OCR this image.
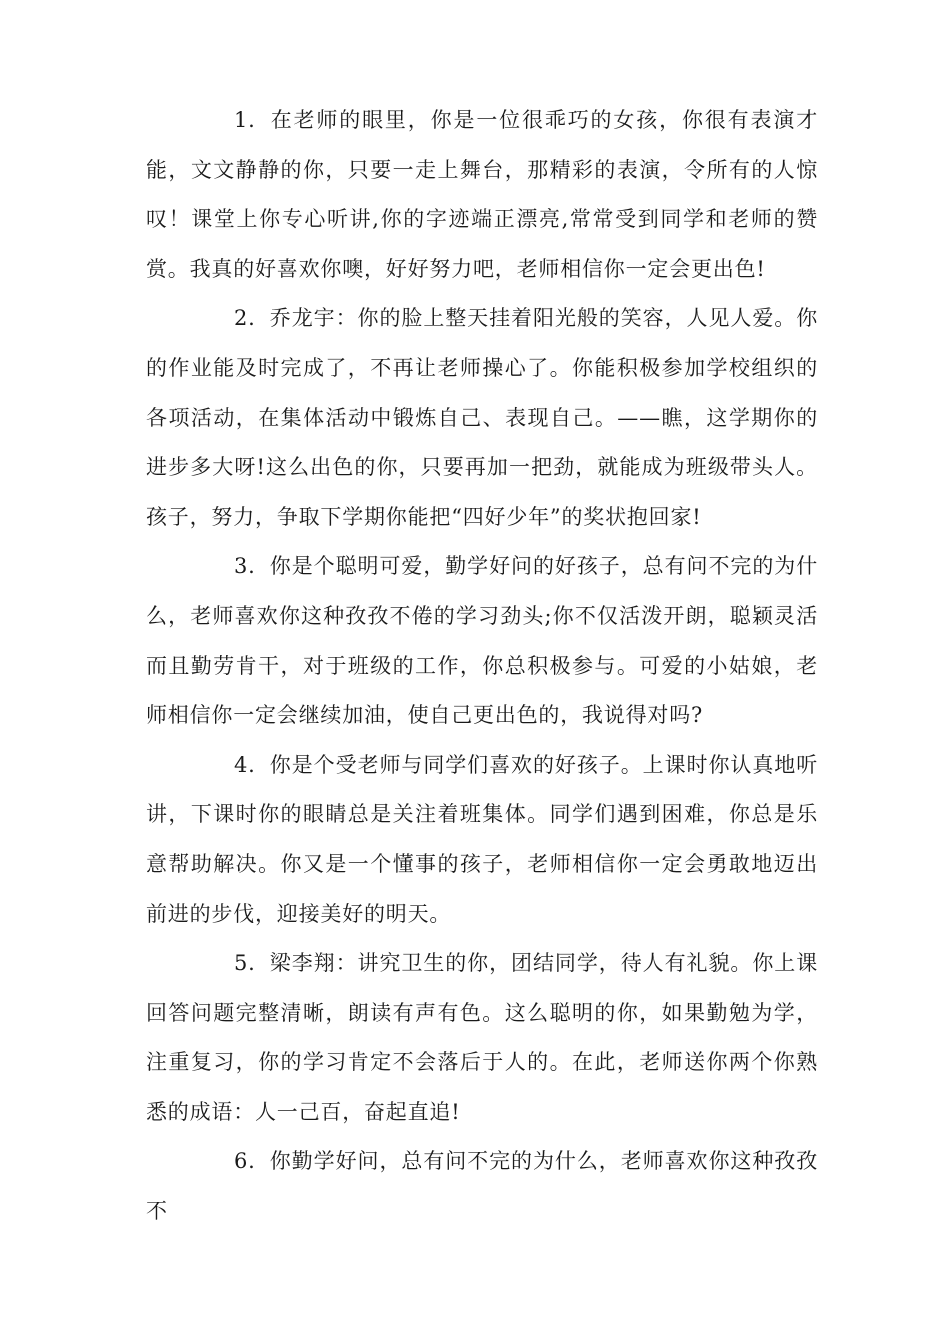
1. 在老师的眼里，你是一位很乖巧的女孩，你很有表演才能，文文静静的你，只要一走上舞台，那精彩的表演，令所有的人惊叹！课堂上你专心听讲,你的字迹端正漂亮,常常受到同学和老师的赞赏。我真的好喜欢你噢，好好努力吧，老师相信你一定会更出色!

2. 乔龙宇：你的脸上整天挂着阳光般的笑容，人见人爱。你的作业能及时完成了，不再让老师操心了。你能积极参加学校组织的各项活动，在集体活动中锻炼自己、表现自己。——瞧，这学期你的进步多大呀!这么出色的你，只要再加一把劲，就能成为班级带头人。孩子，努力，争取下学期你能把“四好少年”的奖状抱回家!

3. 你是个聪明可爱，勤学好问的好孩子，总有问不完的为什么，老师喜欢你这种孜孜不倦的学习劲头;你不仅活泼开朗，聪颖灵活而且勤劳肯干，对于班级的工作，你总积极参与。可爱的小姑娘，老师相信你一定会继续加油，使自己更出色的，我说得对吗?

4. 你是个受老师与同学们喜欢的好孩子。上课时你认真地听讲，下课时你的眼睛总是关注着班集体。同学们遇到困难，你总是乐意帮助解决。你又是一个懂事的孩子，老师相信你一定会勇敢地迈出前进的步伐，迎接美好的明天。

5. 梁李翔：讲究卫生的你，团结同学，待人有礼貌。你上课回答问题完整清晰，朗读有声有色。这么聪明的你，如果勤勉为学，注重复习，你的学习肯定不会落后于人的。在此，老师送你两个你熟悉的成语：人一己百，奋起直追!

6. 你勤学好问，总有问不完的为什么，老师喜欢你这种孜孜不
